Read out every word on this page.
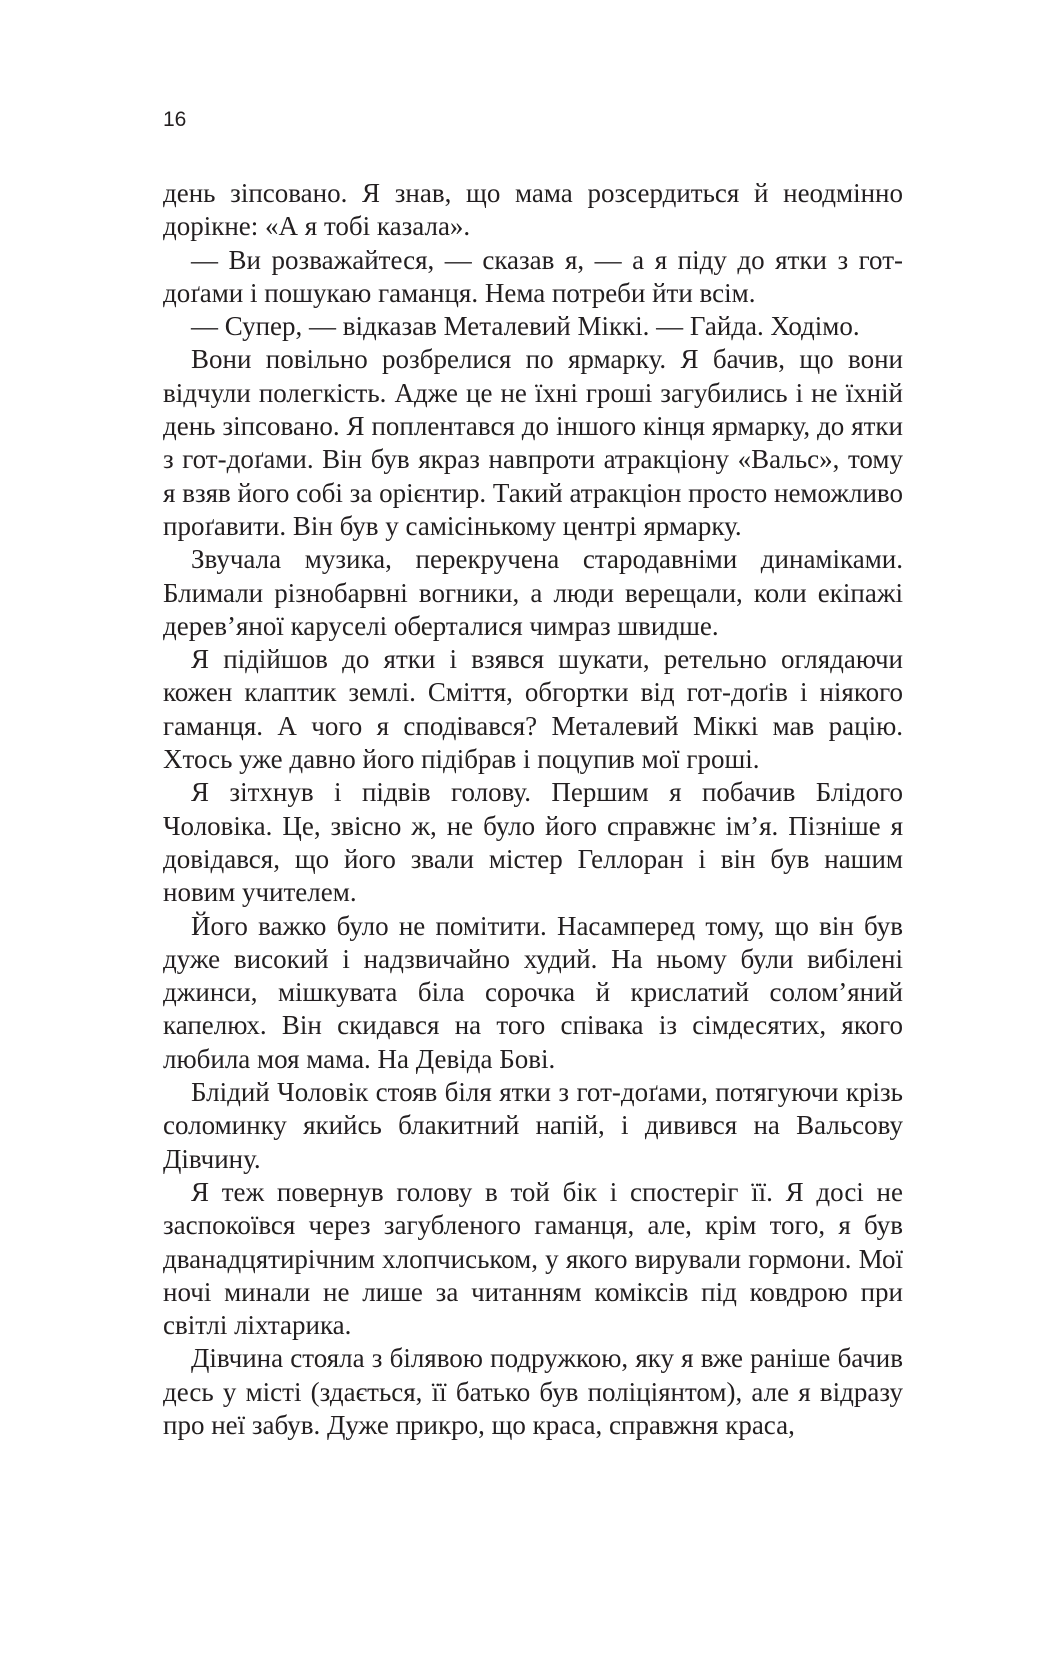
16

день зіпсовано. Я знав, що мама розсердиться й неодмінно дорікне: «А я тобі казала».

— Ви розважайтеся, — сказав я, — а я піду до ятки з гот-доґами і пошукаю гаманця. Нема потреби йти всім.

— Супер, — відказав Металевий Міккі. — Гайда. Ходімо.

Вони повільно розбрелися по ярмарку. Я бачив, що вони відчули полегкість. Адже це не їхні гроші загубились і не їхній день зіпсовано. Я поплентався до іншого кінця ярмарку, до ятки з гот-доґами. Він був якраз навпроти атракціону «Вальс», тому я взяв його собі за орієнтир. Такий атракціон просто неможливо проґавити. Він був у самісінькому центрі ярмарку.

Звучала музика, перекручена стародавніми динаміками. Блимали різнобарвні вогники, а люди верещали, коли екіпажі дерев’яної каруселі оберталися чимраз швидше.

Я підійшов до ятки і взявся шукати, ретельно оглядаючи кожен клаптик землі. Сміття, обгортки від гот-доґів і ніякого гаманця. А чого я сподівався? Металевий Міккі мав рацію. Хтось уже давно його підібрав і поцупив мої гроші.

Я зітхнув і підвів голову. Першим я побачив Блідого Чоловіка. Це, звісно ж, не було його справжнє ім’я. Пізніше я довідався, що його звали містер Геллоран і він був нашим новим учителем.

Його важко було не помітити. Насамперед тому, що він був дуже високий і надзвичайно худий. На ньому були вибілені джинси, мішкувата біла сорочка й крислатий солом’яний капелюх. Він скидався на того співака із сімдесятих, якого любила моя мама. На Девіда Бові.

Блідий Чоловік стояв біля ятки з гот-доґами, потягуючи крізь соломинку якийсь блакитний напій, і дивився на Вальсову Дівчину.

Я теж повернув голову в той бік і спостеріг її. Я досі не заспокоївся через загубленого гаманця, але, крім того, я був дванадцятирічним хлопчиськом, у якого вирували гормони. Мої ночі минали не лише за читанням коміксів під ковдрою при світлі ліхтарика.

Дівчина стояла з білявою подружкою, яку я вже раніше бачив десь у місті (здається, її батько був поліціянтом), але я відразу про неї забув. Дуже прикро, що краса, справжня краса,
